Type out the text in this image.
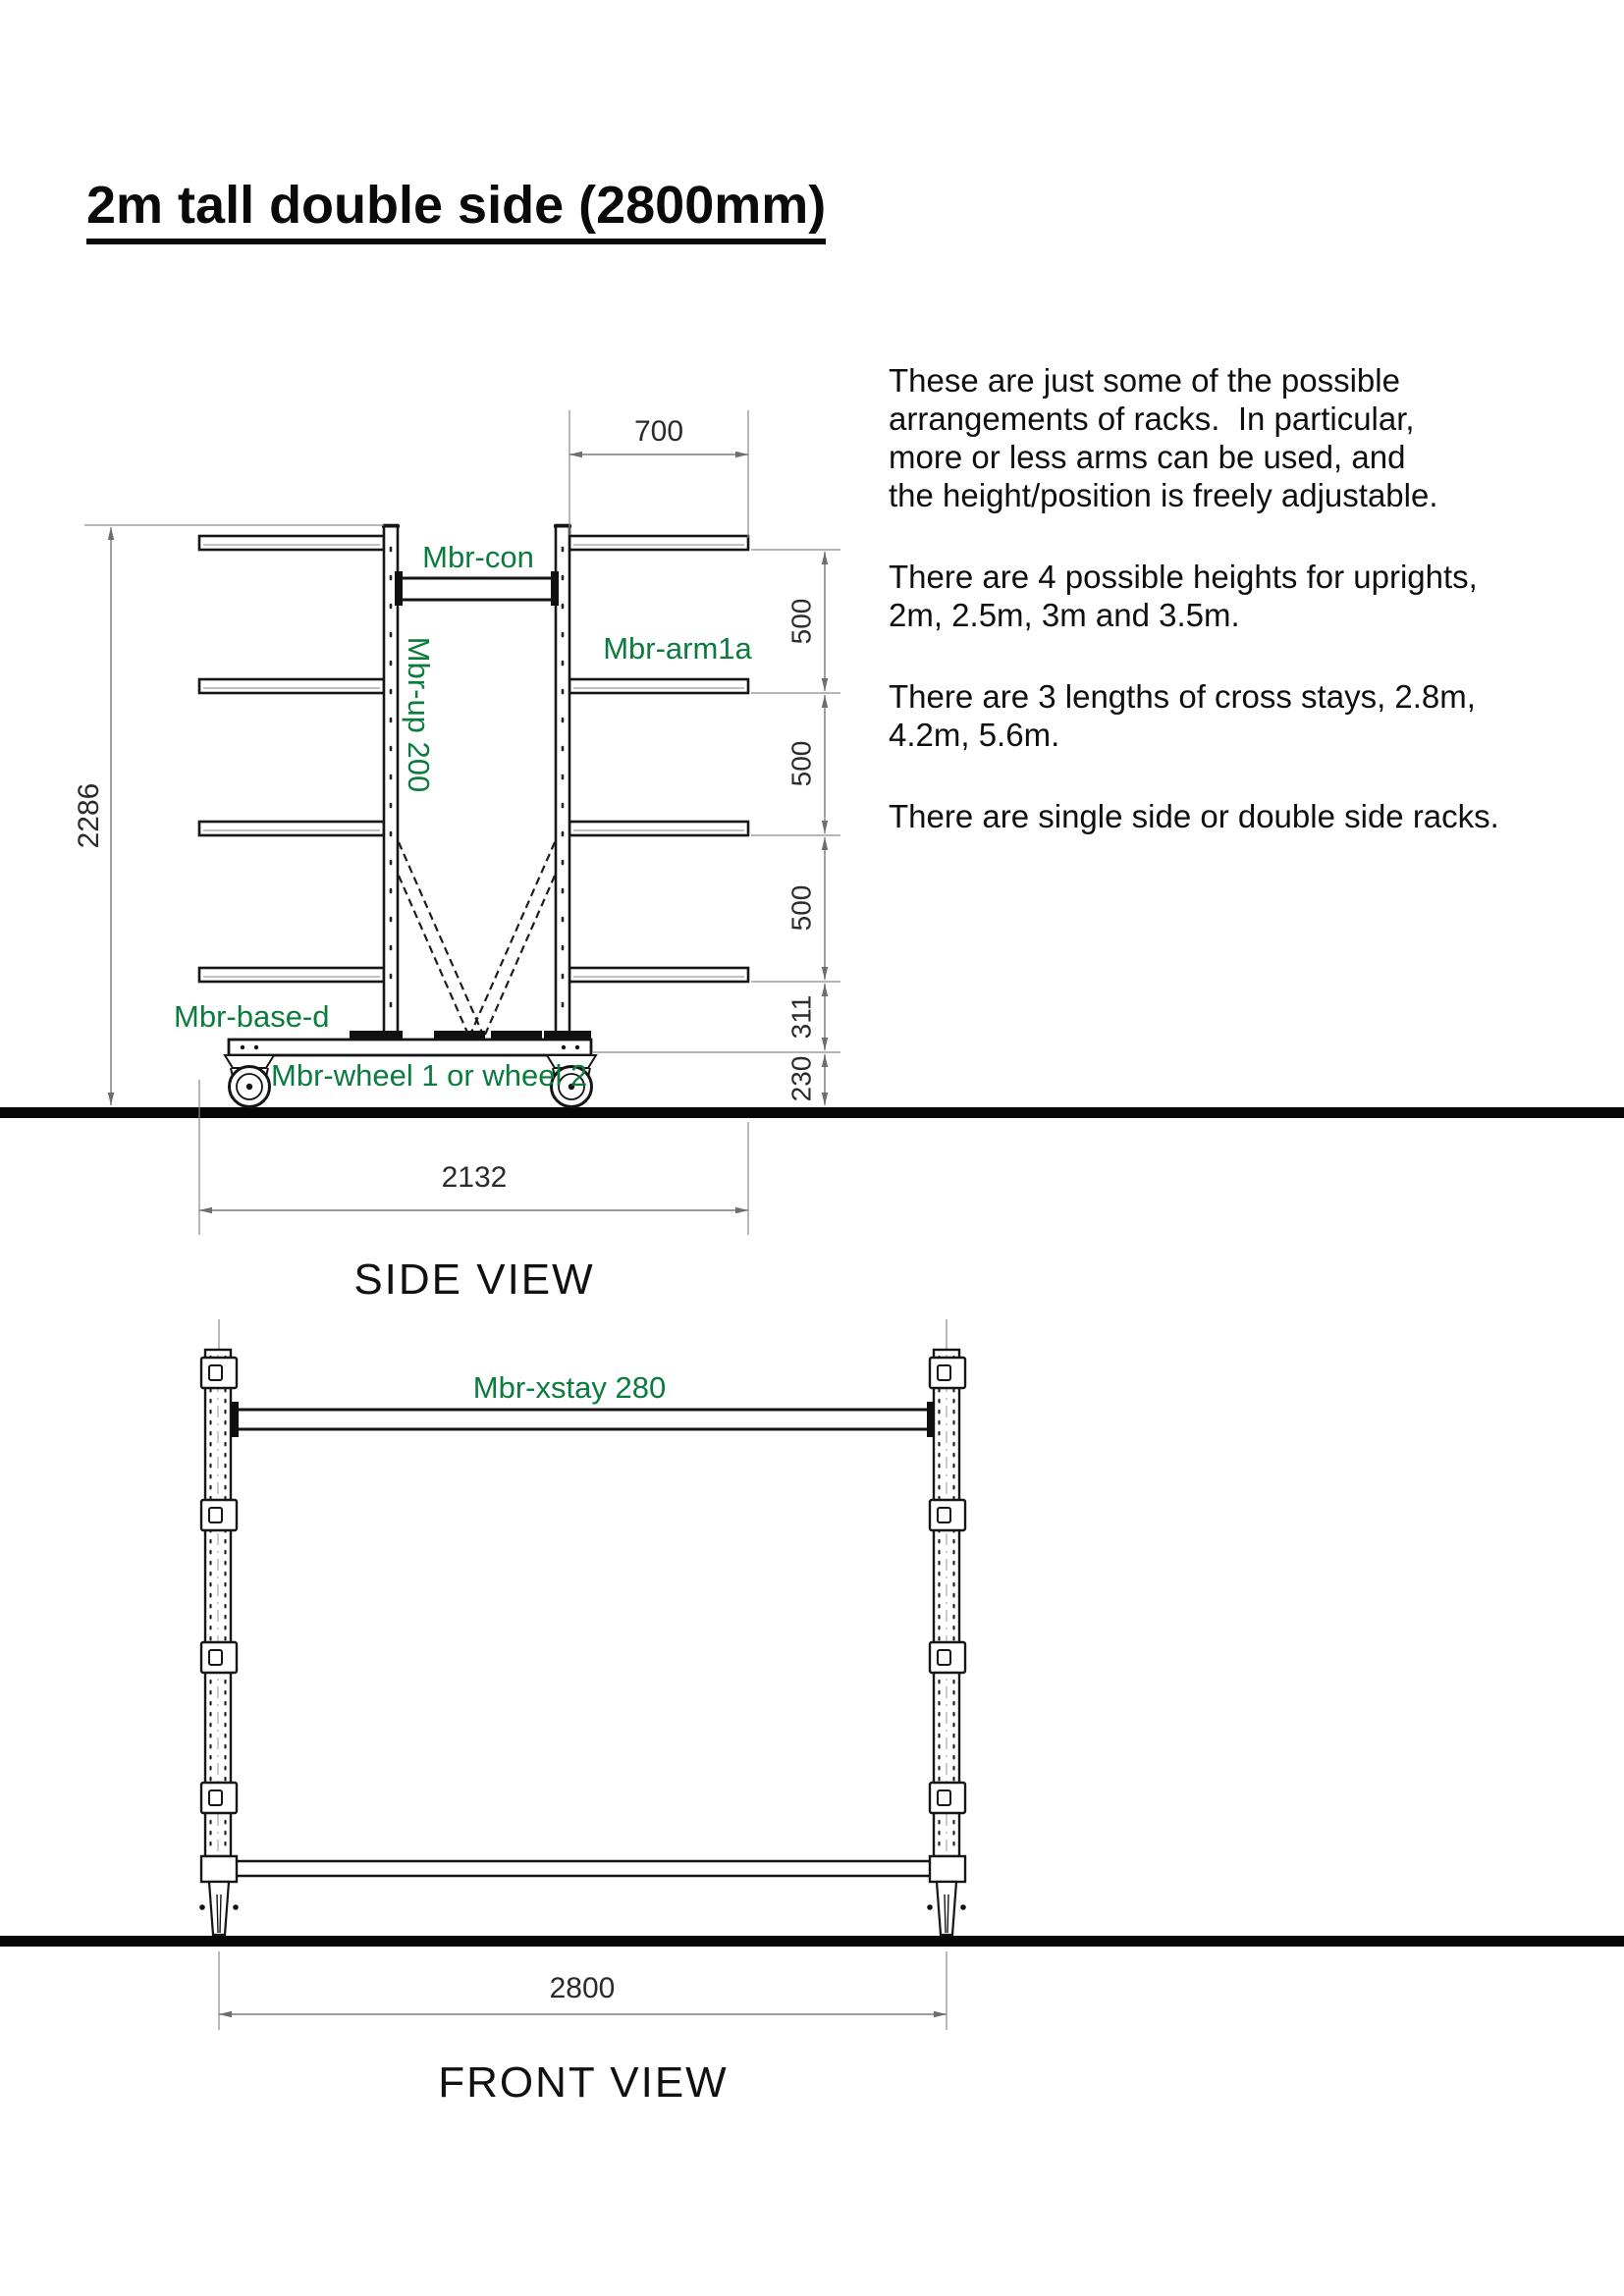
2m tall double side (2800mm)

These are just some of the possible
arrangements of racks.  In particular,
more or less arms can be used, and
the height/position is freely adjustable.

There are 4 possible heights for uprights,
2m, 2.5m, 3m and 3.5m.

There are 3 lengths of cross stays, 2.8m,
4.2m, 5.6m.

There are single side or double side racks.

700
2286
500
500
500
311
230
2132
Mbr-con
Mbr-up 200	Mbr-arm1a
Mbr-base-d
Mbr-wheel 1 or wheel 2
SIDE VIEW
2800
Mbr-xstay 280
FRONT VIEW
